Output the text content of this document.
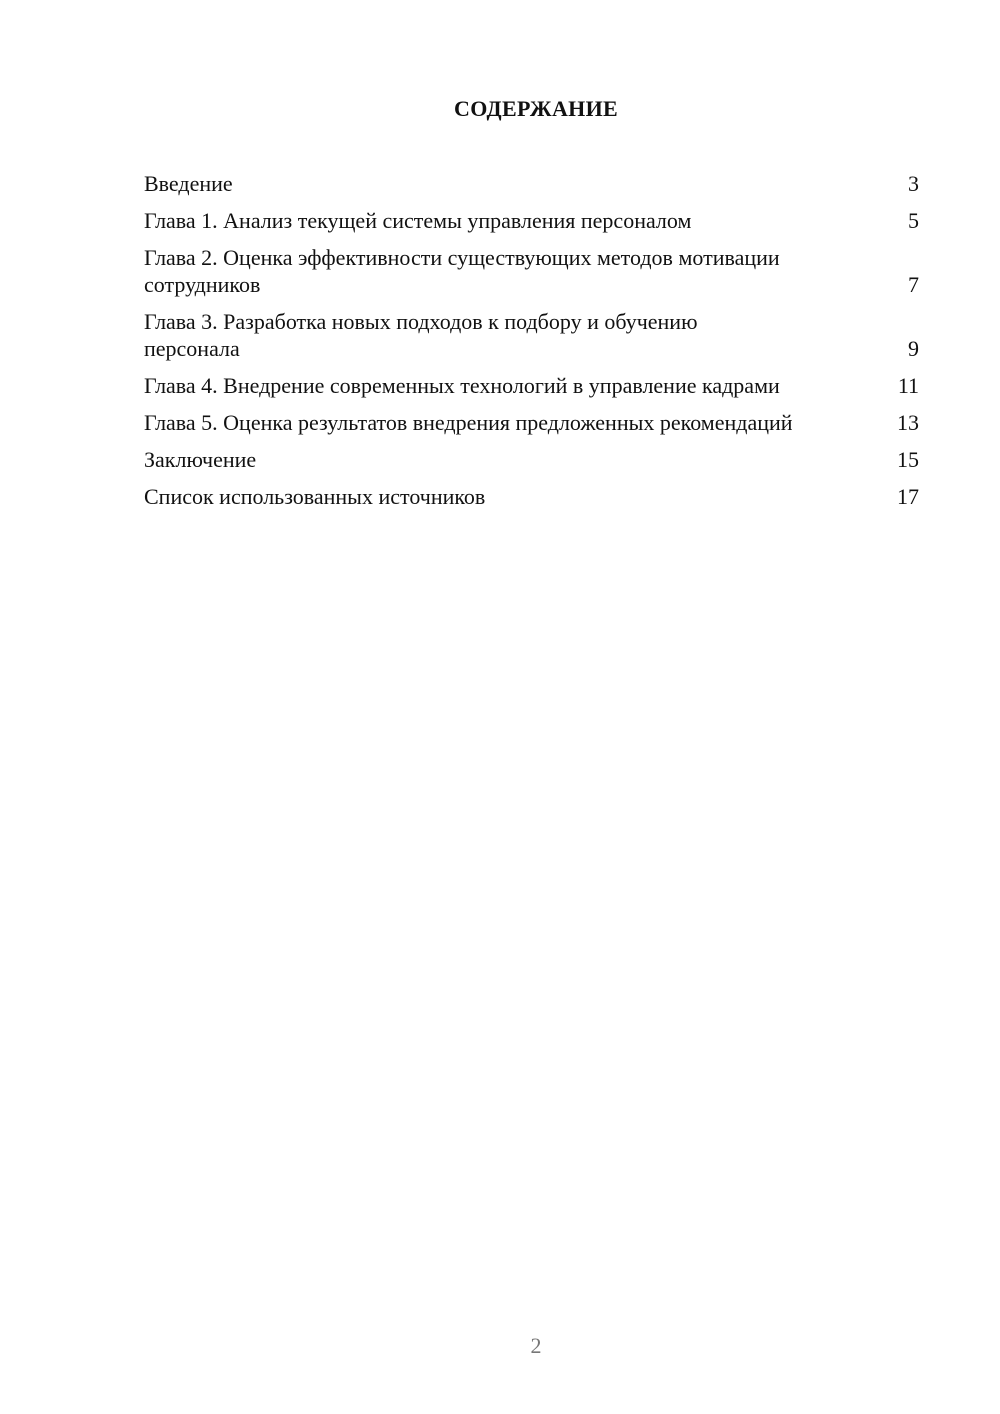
СОДЕРЖАНИЕ
Введение	3
Глава 1. Анализ текущей системы управления персоналом	5
Глава 2. Оценка эффективности существующих методов мотивации сотрудников	7
Глава 3. Разработка новых подходов к подбору и обучению персонала	9
Глава 4. Внедрение современных технологий в управление кадрами	11
Глава 5. Оценка результатов внедрения предложенных рекомендаций	13
Заключение	15
Список использованных источников	17
2
